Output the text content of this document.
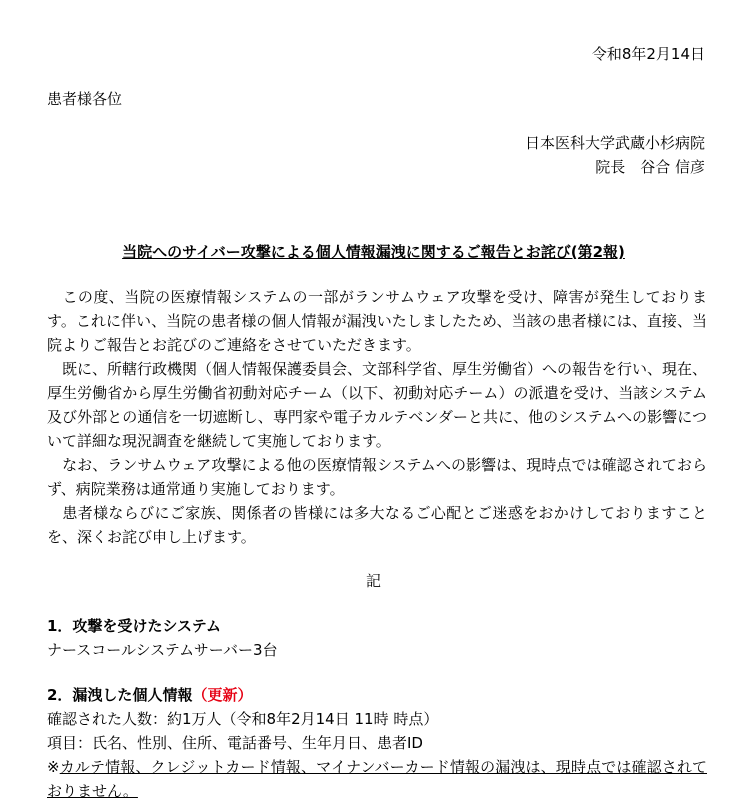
令和8年2月14日
患者様各位
日本医科大学武蔵小杉病院
院長　谷合 信彦
当院へのサイバー攻撃による個人情報漏洩に関するご報告とお詫び(第2報)
　この度、当院の医療情報システムの一部がランサムウェア攻撃を受け、障害が発生しております。これに伴い、当院の患者様の個人情報が漏洩いたしましたため、当該の患者様には、直接、当院よりご報告とお詫びのご連絡をさせていただきます。
　既に、所轄行政機関（個人情報保護委員会、文部科学省、厚生労働省）への報告を行い、現在、厚生労働省から厚生労働省初動対応チーム（以下、初動対応チーム）の派遣を受け、当該システム及び外部との通信を一切遮断し、専門家や電子カルテベンダーと共に、他のシステムへの影響について詳細な現況調査を継続して実施しております。
　なお、ランサムウェア攻撃による他の医療情報システムへの影響は、現時点では確認されておらず、病院業務は通常通り実施しております。
　患者様ならびにご家族、関係者の皆様には多大なるご心配とご迷惑をおかけしておりますことを、深くお詫び申し上げます。
記
1．攻撃を受けたシステム
ナースコールシステムサーバー3台
2．漏洩した個人情報（更新）
確認された人数：約1万人（令和8年2月14日 11時 時点）
項目：氏名、性別、住所、電話番号、生年月日、患者ID
※カルテ情報、クレジットカード情報、マイナンバーカード情報の漏洩は、現時点では確認されておりません。
